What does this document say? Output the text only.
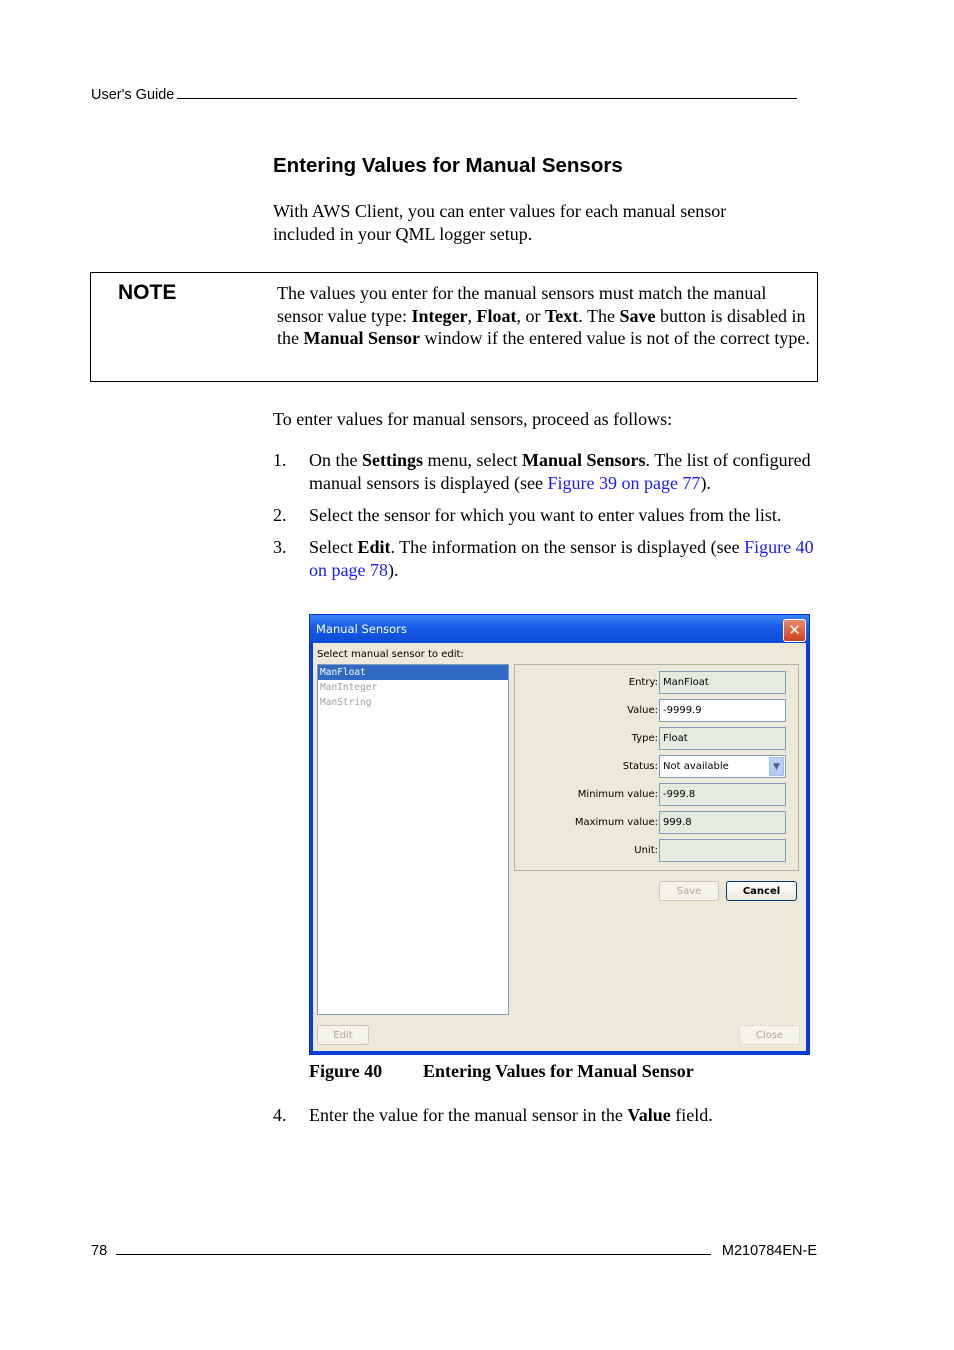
User's Guide
Entering Values for Manual Sensors
With AWS Client, you can enter values for each manual sensor included in your QML logger setup.
NOTE	The values you enter for the manual sensors must match the manual sensor value type: Integer, Float, or Text. The Save button is disabled in the Manual Sensor window if the entered value is not of the correct type.
To enter values for manual sensors, proceed as follows:
1. On the Settings menu, select Manual Sensors. The list of configured manual sensors is displayed (see Figure 39 on page 77).
2. Select the sensor for which you want to enter values from the list.
3. Select Edit. The information on the sensor is displayed (see Figure 40 on page 78).
Manual Sensors	✕
Select manual sensor to edit:
ManFloat
ManInteger
ManString
Entry: ManFloat
Value: -9999.9
Type: Float
Status: Not available	▼
Minimum value: -999.8
Maximum value: 999.8
Unit:
Save	Cancel
Edit	Close
Figure 40 Entering Values for Manual Sensor
4. Enter the value for the manual sensor in the Value field.
78	M210784EN-E
